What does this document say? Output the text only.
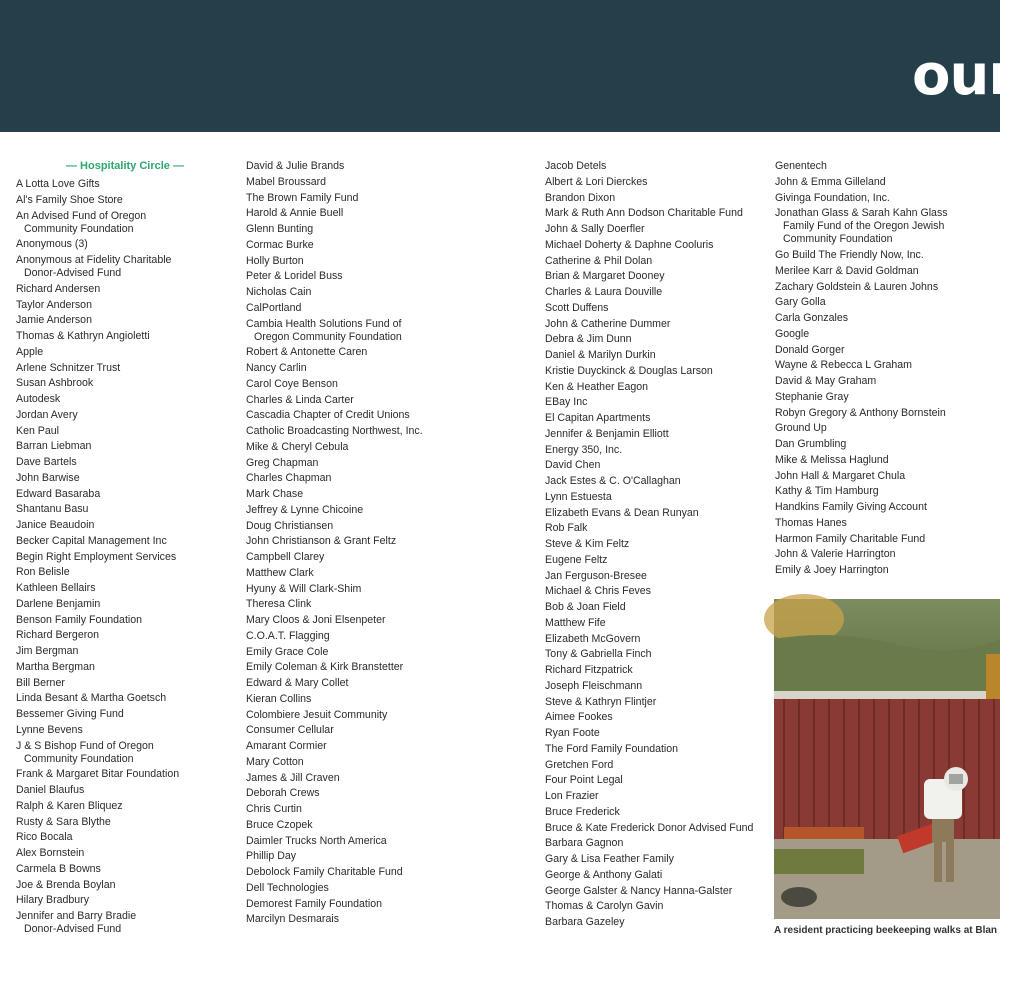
our
— Hospitality Circle —
A Lotta Love Gifts
Al's Family Shoe Store
An Advised Fund of Oregon

Community Foundation
Anonymous (3)
Anonymous at Fidelity Charitable

Donor-Advised Fund
Richard Andersen
Taylor Anderson
Jamie Anderson
Thomas & Kathryn Angioletti
Apple
Arlene Schnitzer Trust
Susan Ashbrook
Autodesk
Jordan Avery
Ken Paul
Barran Liebman
Dave Bartels
John Barwise
Edward Basaraba
Shantanu Basu
Janice Beaudoin
Becker Capital Management Inc
Begin Right Employment Services
Ron Belisle
Kathleen Bellairs
Darlene Benjamin
Benson Family Foundation
Richard Bergeron
Jim Bergman
Martha Bergman
Bill Berner
Linda Besant & Martha Goetsch
Bessemer Giving Fund
Lynne Bevens
J & S Bishop Fund of Oregon

Community Foundation
Frank & Margaret Bitar Foundation
Daniel Blaufus
Ralph & Karen Bliquez
Rusty & Sara Blythe
Rico Bocala
Alex Bornstein
Carmela B Bowns
Joe & Brenda Boylan
Hilary Bradbury
Jennifer and Barry Bradie

Donor-Advised Fund
David & Julie Brands
Mabel Broussard
The Brown Family Fund
Harold & Annie Buell
Glenn Bunting
Cormac Burke
Holly Burton
Peter & Loridel Buss
Nicholas Cain
CalPortland
Cambia Health Solutions Fund of

Oregon Community Foundation
Robert & Antonette Caren
Nancy Carlin
Carol Coye Benson
Charles & Linda Carter
Cascadia Chapter of Credit Unions
Catholic Broadcasting Northwest, Inc.
Mike & Cheryl Cebula
Greg Chapman
Charles Chapman
Mark Chase
Jeffrey & Lynne Chicoine
Doug Christiansen
John Christianson & Grant Feltz
Campbell Clarey
Matthew Clark
Hyuny & Will Clark-Shim
Theresa Clink
Mary Cloos & Joni Elsenpeter
C.O.A.T. Flagging
Emily Grace Cole
Emily Coleman & Kirk Branstetter
Edward & Mary Collet
Kieran Collins
Colombiere Jesuit Community
Consumer Cellular
Amarant Cormier
Mary Cotton
James & Jill Craven
Deborah Crews
Chris Curtin
Bruce Czopek
Daimler Trucks North America
Phillip Day
Debolock Family Charitable Fund
Dell Technologies
Demorest Family Foundation
Marcilyn Desmarais
Jacob Detels
Albert & Lori Dierckes
Brandon Dixon
Mark & Ruth Ann Dodson Charitable Fund
John & Sally Doerfler
Michael Doherty & Daphne Cooluris
Catherine & Phil Dolan
Brian & Margaret Dooney
Charles & Laura Douville
Scott Duffens
John & Catherine Dummer
Debra & Jim Dunn
Daniel & Marilyn Durkin
Kristie Duyckinck & Douglas Larson
Ken & Heather Eagon
EBay Inc
El Capitan Apartments
Jennifer & Benjamin Elliott
Energy 350, Inc.
David Chen
Jack Estes & C. O'Callaghan
Lynn Estuesta
Elizabeth Evans & Dean Runyan
Rob Falk
Steve & Kim Feltz
Eugene Feltz
Jan Ferguson-Bresee
Michael & Chris Feves
Bob & Joan Field
Matthew Fife
Elizabeth McGovern
Tony & Gabriella Finch
Richard Fitzpatrick
Joseph Fleischmann
Steve & Kathryn Flintjer
Aimee Fookes
Ryan Foote
The Ford Family Foundation
Gretchen Ford
Four Point Legal
Lon Frazier
Bruce Frederick
Bruce & Kate Frederick Donor Advised Fund
Barbara Gagnon
Gary & Lisa Feather Family
George & Anthony Galati
George Galster & Nancy Hanna-Galster
Thomas & Carolyn Gavin
Barbara Gazeley
Genentech
John & Emma Gilleland
Givinga Foundation, Inc.
Jonathan Glass & Sarah Kahn Glass

Family Fund of the Oregon Jewish
Community Foundation
Go Build The Friendly Now, Inc.
Merilee Karr & David Goldman
Zachary Goldstein & Lauren Johns
Gary Golla
Carla Gonzales
Google
Donald Gorger
Wayne & Rebecca L Graham
David & May Graham
Stephanie Gray
Robyn Gregory & Anthony Bornstein
Ground Up
Dan Grumbling
Mike & Melissa Haglund
John Hall & Margaret Chula
Kathy & Tim Hamburg
Handkins Family Giving Account
Thomas Hanes
Harmon Family Charitable Fund
John & Valerie Harrington
Emily & Joey Harrington
A resident practicing beekeeping walks at Blan
